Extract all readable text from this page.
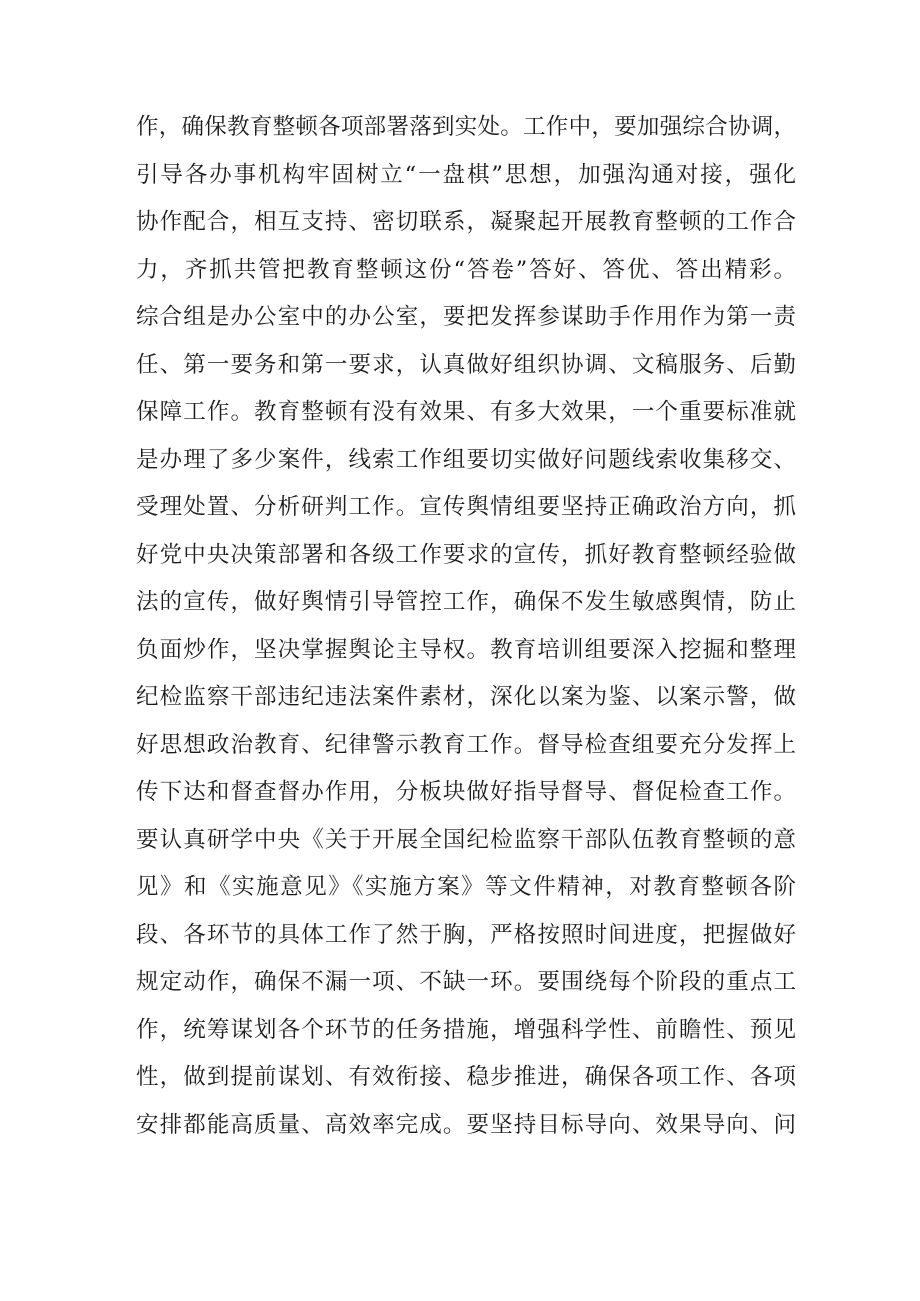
作，确保教育整顿各项部署落到实处。工作中，要加强综合协调，
引导各办事机构牢固树立“一盘棋”思想，加强沟通对接，强化
协作配合，相互支持、密切联系，凝聚起开展教育整顿的工作合
力，齐抓共管把教育整顿这份“答卷”答好、答优、答出精彩。
综合组是办公室中的办公室，要把发挥参谋助手作用作为第一责
任、第一要务和第一要求，认真做好组织协调、文稿服务、后勤
保障工作。教育整顿有没有效果、有多大效果，一个重要标准就
是办理了多少案件，线索工作组要切实做好问题线索收集移交、
受理处置、分析研判工作。宣传舆情组要坚持正确政治方向，抓
好党中央决策部署和各级工作要求的宣传，抓好教育整顿经验做
法的宣传，做好舆情引导管控工作，确保不发生敏感舆情，防止
负面炒作，坚决掌握舆论主导权。教育培训组要深入挖掘和整理
纪检监察干部违纪违法案件素材，深化以案为鉴、以案示警，做
好思想政治教育、纪律警示教育工作。督导检查组要充分发挥上
传下达和督查督办作用，分板块做好指导督导、督促检查工作。
要认真研学中央《关于开展全国纪检监察干部队伍教育整顿的意
见》和《实施意见》《实施方案》等文件精神，对教育整顿各阶
段、各环节的具体工作了然于胸，严格按照时间进度，把握做好
规定动作，确保不漏一项、不缺一环。要围绕每个阶段的重点工
作，统筹谋划各个环节的任务措施，增强科学性、前瞻性、预见
性，做到提前谋划、有效衔接、稳步推进，确保各项工作、各项
安排都能高质量、高效率完成。要坚持目标导向、效果导向、问
